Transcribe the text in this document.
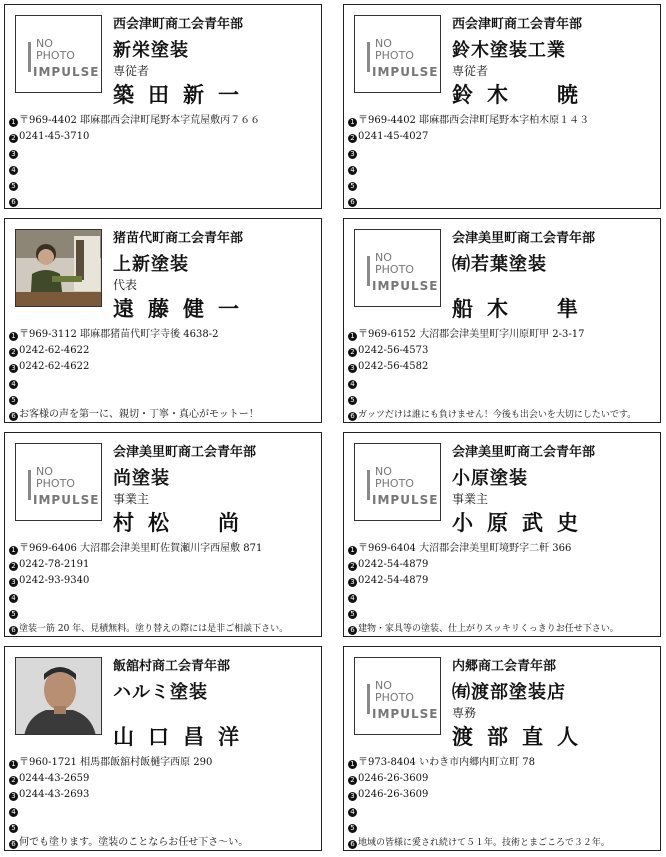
NO
PHOTO
IMPULSE
西会津町商工会青年部
新栄塗装
専従者
築田新一
1 〒969-4402 耶麻郡西会津町尾野本字荒屋敷丙７６６
2 0241-45-3710
3
4
5
6
NO
PHOTO
IMPULSE
西会津町商工会青年部
鈴木塗装工業
専従者
鈴木　暁
1 〒969-4402 耶麻郡西会津町尾野本字柏木原１４３
2 0241-45-4027
3
4
5
6
猪苗代町商工会青年部
上新塗装
代表
遠藤健一
1 〒969-3112 耶麻郡猪苗代町字寺後 4638-2
2 0242-62-4622
3 0242-62-4622
4
5
6 お客様の声を第一に、親切・丁寧・真心がモットー！
NO
PHOTO
IMPULSE
会津美里町商工会青年部
㈲若葉塗装
船木　隼
1 〒969-6152 大沼郡会津美里町字川原町甲 2-3-17
2 0242-56-4573
3 0242-56-4582
4
5
6 ガッツだけは誰にも負けません！今後も出会いを大切にしたいです。
NO
PHOTO
IMPULSE
会津美里町商工会青年部
尚塗装
事業主
村松　尚
1 〒969-6406 大沼郡会津美里町佐賀瀬川字西屋敷 871
2 0242-78-2191
3 0242-93-9340
4
5
6 塗装一筋 20 年、見積無料。塗り替えの際には是非ご相談下さい。
NO
PHOTO
IMPULSE
会津美里町商工会青年部
小原塗装
事業主
小原武史
1 〒969-6404 大沼郡会津美里町境野字二軒 366
2 0242-54-4879
3 0242-54-4879
4
5
6 建物・家具等の塗装、仕上がりスッキリくっきりお任せ下さい。
飯舘村商工会青年部
ハルミ塗装
山口昌洋
1 〒960-1721 相馬郡飯舘村飯樋字西原 290
2 0244-43-2659
3 0244-43-2693
4
5
6 何でも塗ります。塗装のことならお任せ下さ〜い。
NO
PHOTO
IMPULSE
内郷商工会青年部
㈲渡部塗装店
専務
渡部直人
1 〒973-8404 いわき市内郷内町立町 78
2 0246-26-3609
3 0246-26-3609
4
5
6 地域の皆様に愛され続けて５１年。技術とまごころで３２年。
